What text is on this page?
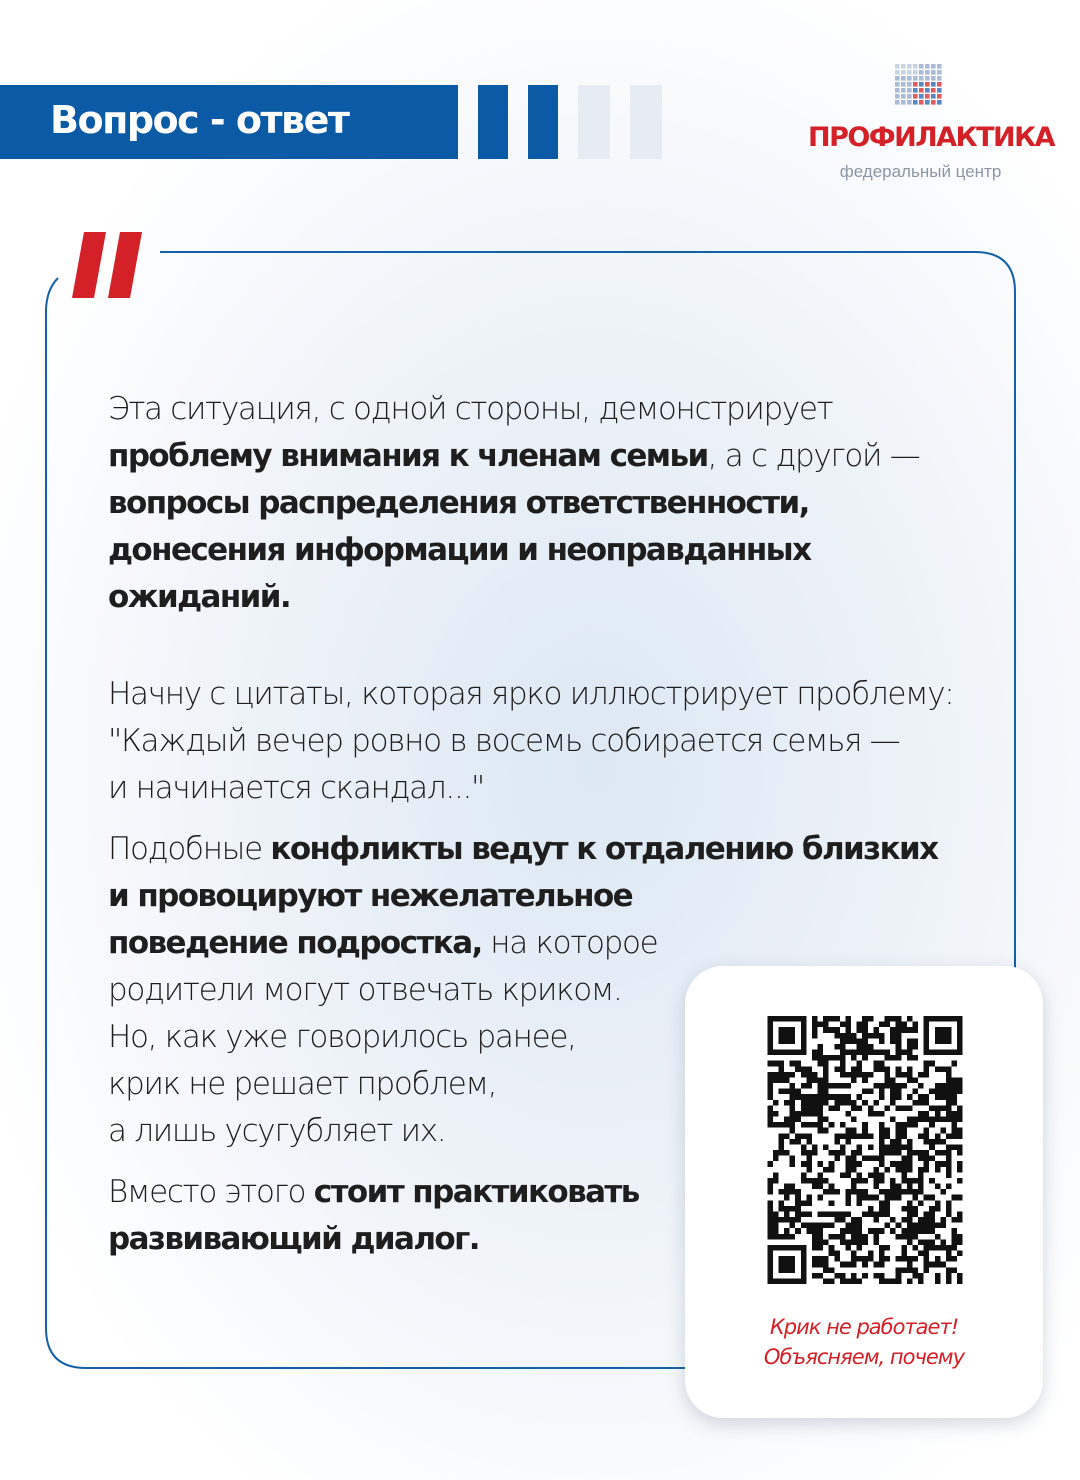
Вопрос - ответ	ПРОФИЛАКТИКА
федеральный центр

Эта ситуация, с одной стороны, демонстрирует
проблему внимания к членам семьи, а с другой —
вопросы распределения ответственности, донесения информации и неоправданных ожиданий.

Начну с цитаты, которая ярко иллюстрирует проблему:
"Каждый вечер ровно в восемь собирается семья —
и начинается скандал..."

Подобные конфликты ведут к отдалению близких
и провоцируют нежелательное
поведение подростка, на которое
родители могут отвечать криком.
Но, как уже говорилось ранее,
крик не решает проблем,
а лишь усугубляет их.

Вместо этого стоит практиковать
развивающий диалог.

Крик не работает!
Объясняем, почему
